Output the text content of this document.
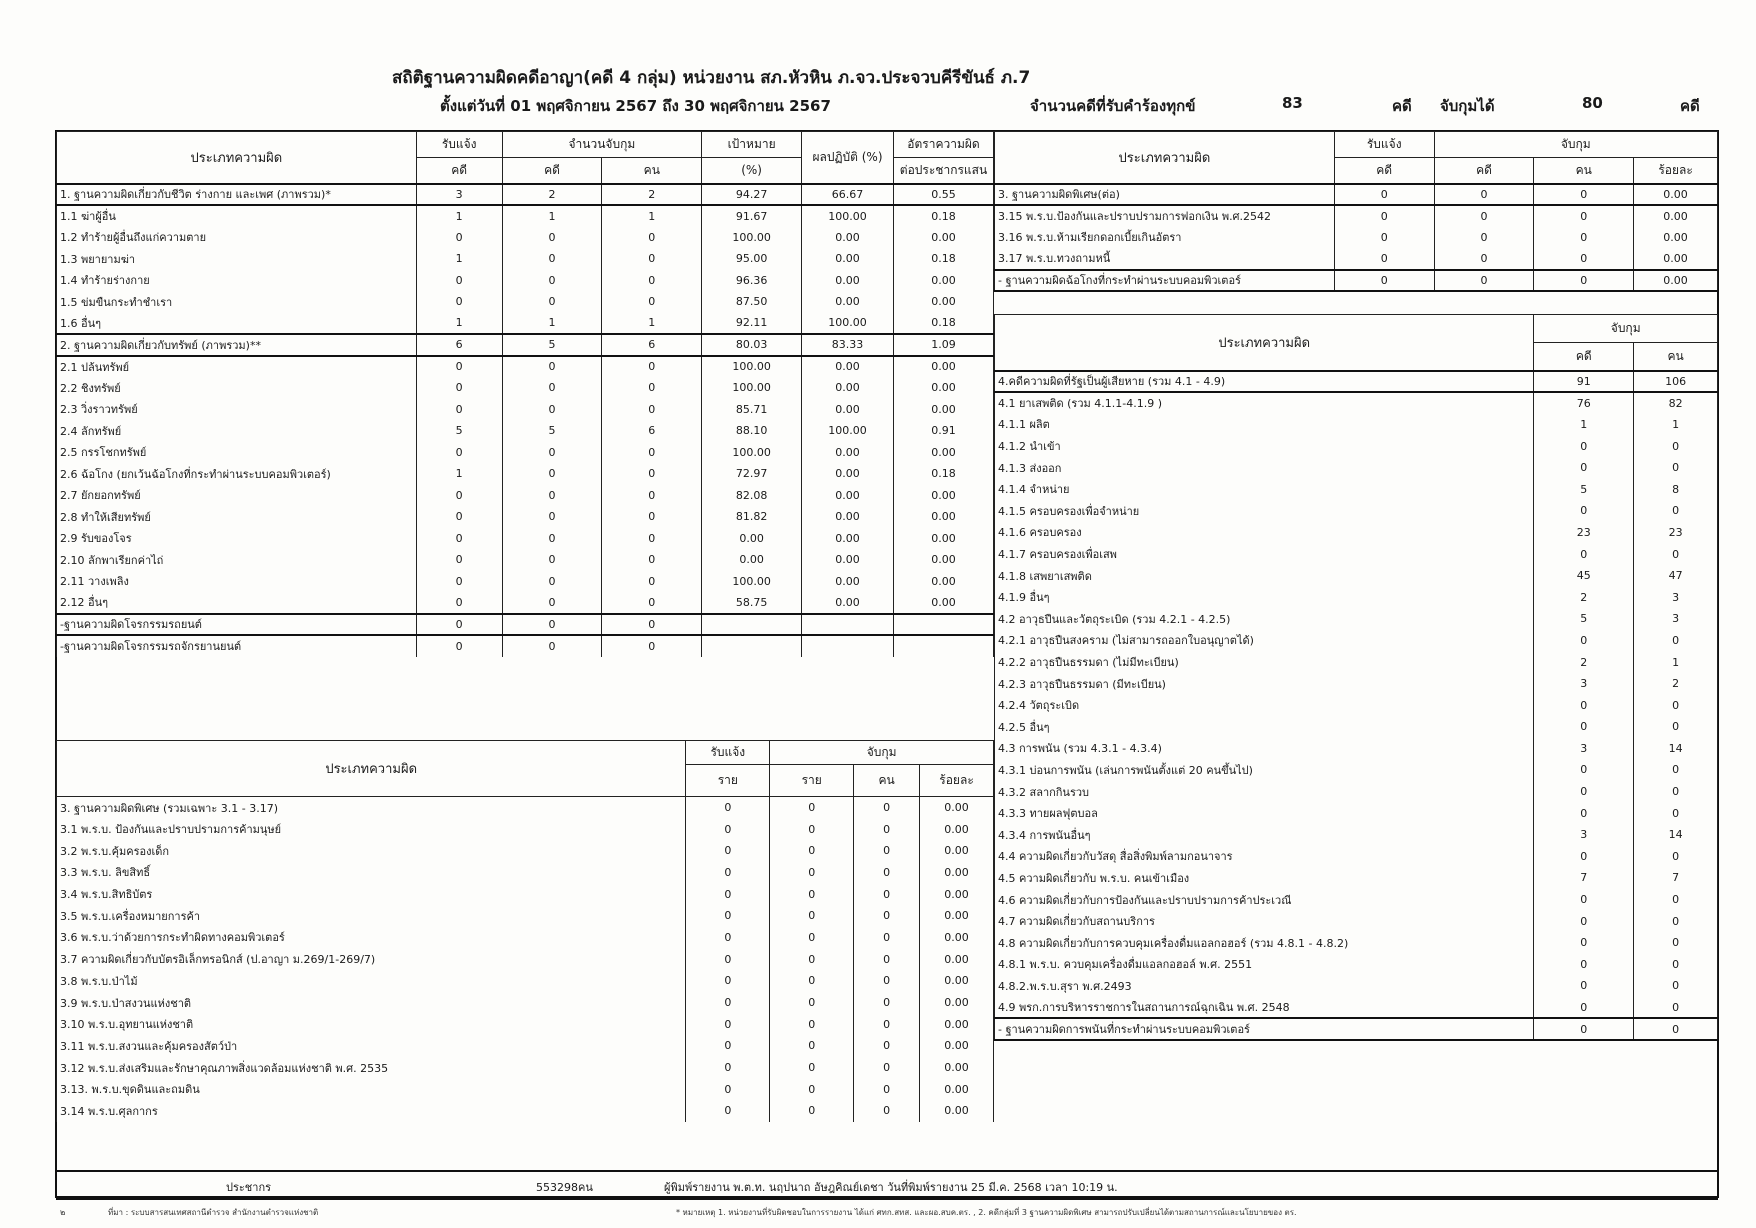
สถิติฐานความผิดคดีอาญา(คดี 4 กลุ่ม) หน่วยงาน สภ.หัวหิน ภ.จว.ประจวบคีรีขันธ์ ภ.7
ตั้งแต่วันที่ 01 พฤศจิกายน 2567 ถึง 30 พฤศจิกายน 2567	จำนวนคดีที่รับคำร้องทุกข์	83	คดี จับกุมได้	80	คดี
ประเภทความผิด	รับแจ้ง	จำนวนจับกุม		เป้าหมาย	ผลปฏิบัติ (%)	อัตราความผิด
	คดี	คดี	คน	(%)		ต่อประชากรแสน
1. ฐานความผิดเกี่ยวกับชีวิต ร่างกาย และเพศ (ภาพรวม)*	3	2	2	94.27	66.67	0.55
1.1 ฆ่าผู้อื่น	1	1	1	91.67	100.00	0.18
1.2 ทำร้ายผู้อื่นถึงแก่ความตาย	0	0	0	100.00	0.00	0.00
1.3 พยายามฆ่า	1	0	0	95.00	0.00	0.18
1.4 ทำร้ายร่างกาย	0	0	0	96.36	0.00	0.00
1.5 ข่มขืนกระทำชำเรา	0	0	0	87.50	0.00	0.00
1.6 อื่นๆ	1	1	1	92.11	100.00	0.18
2. ฐานความผิดเกี่ยวกับทรัพย์ (ภาพรวม)**	6	5	6	80.03	83.33	1.09
2.1 ปล้นทรัพย์	0	0	0	100.00	0.00	0.00
2.2 ชิงทรัพย์	0	0	0	100.00	0.00	0.00
2.3 วิ่งราวทรัพย์	0	0	0	85.71	0.00	0.00
2.4 ลักทรัพย์	5	5	6	88.10	100.00	0.91
2.5 กรรโชกทรัพย์	0	0	0	100.00	0.00	0.00
2.6 ฉ้อโกง (ยกเว้นฉ้อโกงที่กระทำผ่านระบบคอมพิวเตอร์)	1	0	0	72.97	0.00	0.18
2.7 ยักยอกทรัพย์	0	0	0	82.08	0.00	0.00
2.8 ทำให้เสียทรัพย์	0	0	0	81.82	0.00	0.00
2.9 รับของโจร	0	0	0	0.00	0.00	0.00
2.10 ลักพาเรียกค่าไถ่	0	0	0	0.00	0.00	0.00
2.11 วางเพลิง	0	0	0	100.00	0.00	0.00
2.12 อื่นๆ	0	0	0	58.75	0.00	0.00
-ฐานความผิดโจรกรรมรถยนต์	0	0	0			
-ฐานความผิดโจรกรรมรถจักรยานยนต์	0	0	0			
ประเภทความผิด	รับแจ้ง	จับกุม		
	ราย	ราย	คน	ร้อยละ
3. ฐานความผิดพิเศษ (รวมเฉพาะ 3.1 - 3.17)	0	0	0	0.00
3.1 พ.ร.บ. ป้องกันและปราบปรามการค้ามนุษย์	0	0	0	0.00
3.2 พ.ร.บ.คุ้มครองเด็ก	0	0	0	0.00
3.3 พ.ร.บ. ลิขสิทธิ์	0	0	0	0.00
3.4 พ.ร.บ.สิทธิบัตร	0	0	0	0.00
3.5 พ.ร.บ.เครื่องหมายการค้า	0	0	0	0.00
3.6 พ.ร.บ.ว่าด้วยการกระทำผิดทางคอมพิวเตอร์	0	0	0	0.00
3.7 ความผิดเกี่ยวกับบัตรอิเล็กทรอนิกส์ (ป.อาญา ม.269/1-269/7)	0	0	0	0.00
3.8 พ.ร.บ.ป่าไม้	0	0	0	0.00
3.9 พ.ร.บ.ป่าสงวนแห่งชาติ	0	0	0	0.00
3.10 พ.ร.บ.อุทยานแห่งชาติ	0	0	0	0.00
3.11 พ.ร.บ.สงวนและคุ้มครองสัตว์ป่า	0	0	0	0.00
3.12 พ.ร.บ.ส่งเสริมและรักษาคุณภาพสิ่งแวดล้อมแห่งชาติ พ.ศ. 2535	0	0	0	0.00
3.13. พ.ร.บ.ขุดดินและถมดิน	0	0	0	0.00
3.14 พ.ร.บ.ศุลกากร	0	0	0	0.00
ประเภทความผิด	รับแจ้ง	จับกุม		
	คดี	คดี	คน	ร้อยละ
3. ฐานความผิดพิเศษ(ต่อ)	0	0	0	0.00
3.15 พ.ร.บ.ป้องกันและปราบปรามการฟอกเงิน พ.ศ.2542	0	0	0	0.00
3.16 พ.ร.บ.ห้ามเรียกดอกเบี้ยเกินอัตรา	0	0	0	0.00
3.17 พ.ร.บ.ทวงถามหนี้	0	0	0	0.00
- ฐานความผิดฉ้อโกงที่กระทำผ่านระบบคอมพิวเตอร์	0	0	0	0.00
ประเภทความผิด	จับกุม	
	คดี	คน
4.คดีความผิดที่รัฐเป็นผู้เสียหาย (รวม 4.1 - 4.9)	91	106
4.1 ยาเสพติด (รวม 4.1.1-4.1.9 )	76	82
4.1.1 ผลิต	1	1
4.1.2 นำเข้า	0	0
4.1.3 ส่งออก	0	0
4.1.4 จำหน่าย	5	8
4.1.5 ครอบครองเพื่อจำหน่าย	0	0
4.1.6 ครอบครอง	23	23
4.1.7 ครอบครองเพื่อเสพ	0	0
4.1.8 เสพยาเสพติด	45	47
4.1.9 อื่นๆ	2	3
4.2 อาวุธปืนและวัตถุระเบิด (รวม 4.2.1 - 4.2.5)	5	3
4.2.1 อาวุธปืนสงคราม (ไม่สามารถออกใบอนุญาตได้)	0	0
4.2.2 อาวุธปืนธรรมดา (ไม่มีทะเบียน)	2	1
4.2.3 อาวุธปืนธรรมดา (มีทะเบียน)	3	2
4.2.4 วัตถุระเบิด	0	0
4.2.5 อื่นๆ	0	0
4.3 การพนัน (รวม 4.3.1 - 4.3.4)	3	14
4.3.1 บ่อนการพนัน (เล่นการพนันตั้งแต่ 20 คนขึ้นไป)	0	0
4.3.2 สลากกินรวบ	0	0
4.3.3 ทายผลฟุตบอล	0	0
4.3.4 การพนันอื่นๆ	3	14
4.4 ความผิดเกี่ยวกับวัสดุ สื่อสิ่งพิมพ์ลามกอนาจาร	0	0
4.5 ความผิดเกี่ยวกับ พ.ร.บ. คนเข้าเมือง	7	7
4.6 ความผิดเกี่ยวกับการป้องกันและปราบปรามการค้าประเวณี	0	0
4.7 ความผิดเกี่ยวกับสถานบริการ	0	0
4.8 ความผิดเกี่ยวกับการควบคุมเครื่องดื่มแอลกอฮอร์ (รวม 4.8.1 - 4.8.2)	0	0
4.8.1 พ.ร.บ. ควบคุมเครื่องดื่มแอลกอฮอล์ พ.ศ. 2551	0	0
4.8.2.พ.ร.บ.สุรา พ.ศ.2493	0	0
4.9 พรก.การบริหารราชการในสถานการณ์ฉุกเฉิน พ.ศ. 2548	0	0
- ฐานความผิดการพนันที่กระทำผ่านระบบคอมพิวเตอร์	0	0
ประชากร	553298คน	ผู้พิมพ์รายงาน พ.ต.ท. นฤปนาถ อัษฎคิณย์เดชา วันที่พิมพ์รายงาน 25 มี.ค. 2568 เวลา 10:19 น.
๒	ที่มา : ระบบสารสนเทศสถานีตำรวจ สำนักงานตำรวจแห่งชาติ	* หมายเหตุ 1. หน่วยงานที่รับผิดชอบในการรายงาน ได้แก่ ศทก.สทส. และผอ.สบค.ตร. , 2. คดีกลุ่มที่ 3 ฐานความผิดพิเศษ สามารถปรับเปลี่ยนได้ตามสถานการณ์และนโยบายของ ตร.
